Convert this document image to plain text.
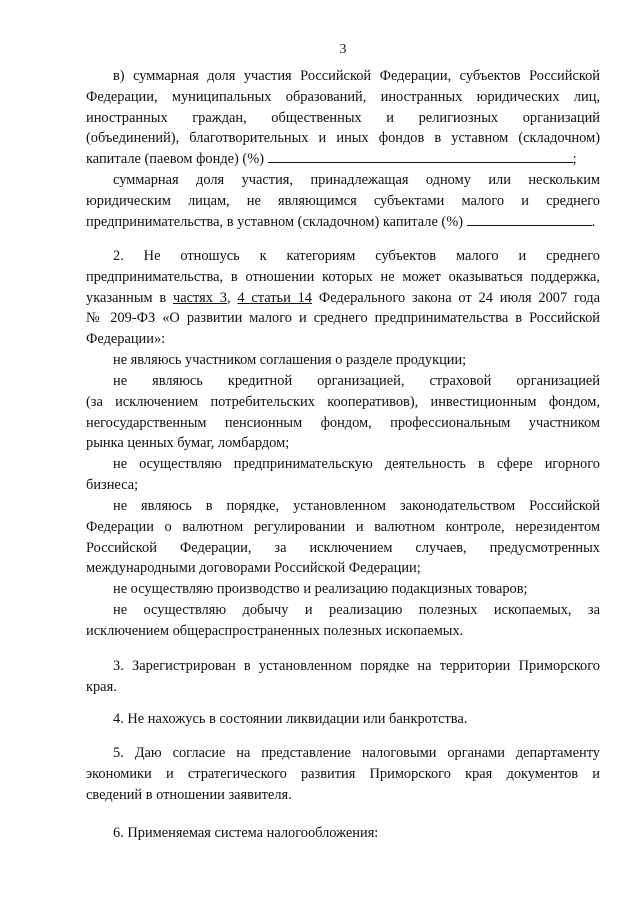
3
в) суммарная доля участия Российской Федерации, субъектов Российской
Федерации, муниципальных образований, иностранных юридических лиц,
иностранных граждан, общественных и религиозных организаций
(объединений), благотворительных и иных фондов в уставном (складочном)
капитале (паевом фонде) (%)	;
суммарная доля участия, принадлежащая одному или нескольким
юридическим лицам, не являющимся субъектами малого и среднего
предпринимательства, в уставном (складочном) капитале (%)	.
2. Не отношусь к категориям субъектов малого и среднего
предпринимательства, в отношении которых не может оказываться поддержка,
указанным в частях 3, 4 статьи 14 Федерального закона от 24 июля 2007 года
№ 209-ФЗ «О развитии малого и среднего предпринимательства в Российской
Федерации»:
не являюсь участником соглашения о разделе продукции;
не являюсь кредитной организацией, страховой организацией
(за исключением потребительских кооперативов), инвестиционным фондом,
негосударственным пенсионным фондом, профессиональным участником
рынка ценных бумаг, ломбардом;
не осуществляю предпринимательскую деятельность в сфере игорного
бизнеса;
не являюсь в порядке, установленном законодательством Российской
Федерации о валютном регулировании и валютном контроле, нерезидентом
Российской Федерации, за исключением случаев, предусмотренных
международными договорами Российской Федерации;
не осуществляю производство и реализацию подакцизных товаров;
не осуществляю добычу и реализацию полезных ископаемых, за
исключением общераспространенных полезных ископаемых.
3. Зарегистрирован в установленном порядке на территории Приморского
края.
4. Не нахожусь в состоянии ликвидации или банкротства.
5. Даю согласие на представление налоговыми органами департаменту
экономики и стратегического развития Приморского края документов и
сведений в отношении заявителя.
6. Применяемая система налогообложения:
